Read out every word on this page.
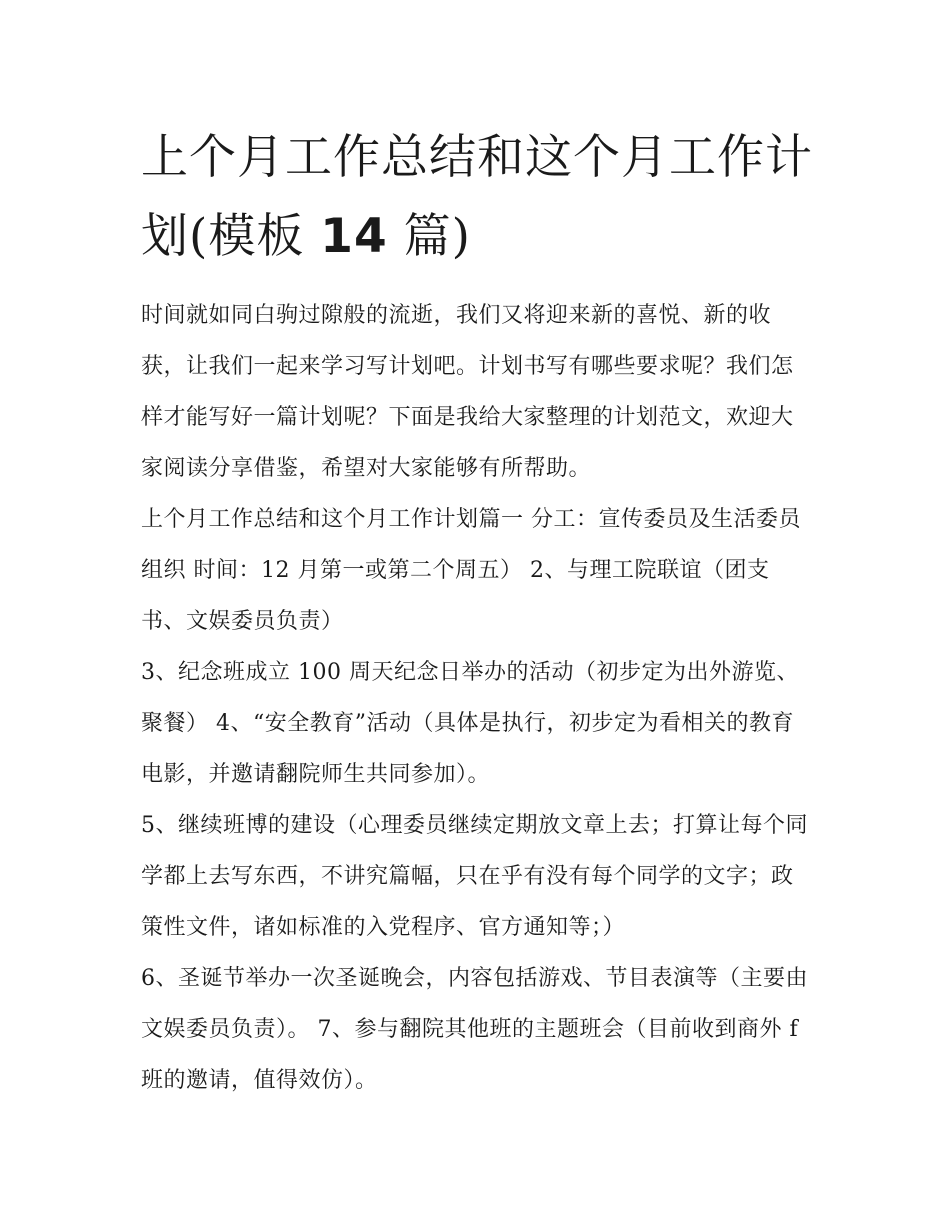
上个月工作总结和这个月工作计划(模板 14 篇)

时间就如同白驹过隙般的流逝，我们又将迎来新的喜悦、新的收获，让我们一起来学习写计划吧。计划书写有哪些要求呢？我们怎样才能写好一篇计划呢？下面是我给大家整理的计划范文，欢迎大家阅读分享借鉴，希望对大家能够有所帮助。

上个月工作总结和这个月工作计划篇一 分工：宣传委员及生活委员组织 时间：12 月第一或第二个周五） 2、与理工院联谊（团支书、文娱委员负责）

3、纪念班成立 100 周天纪念日举办的活动（初步定为出外游览、聚餐） 4、“安全教育”活动（具体是执行，初步定为看相关的教育电影，并邀请翻院师生共同参加）。

5、继续班博的建设（心理委员继续定期放文章上去；打算让每个同学都上去写东西，不讲究篇幅，只在乎有没有每个同学的文字；政策性文件，诸如标准的入党程序、官方通知等；）

6、圣诞节举办一次圣诞晚会，内容包括游戏、节目表演等（主要由文娱委员负责）。 7、参与翻院其他班的主题班会（目前收到商外 f 班的邀请，值得效仿）。
